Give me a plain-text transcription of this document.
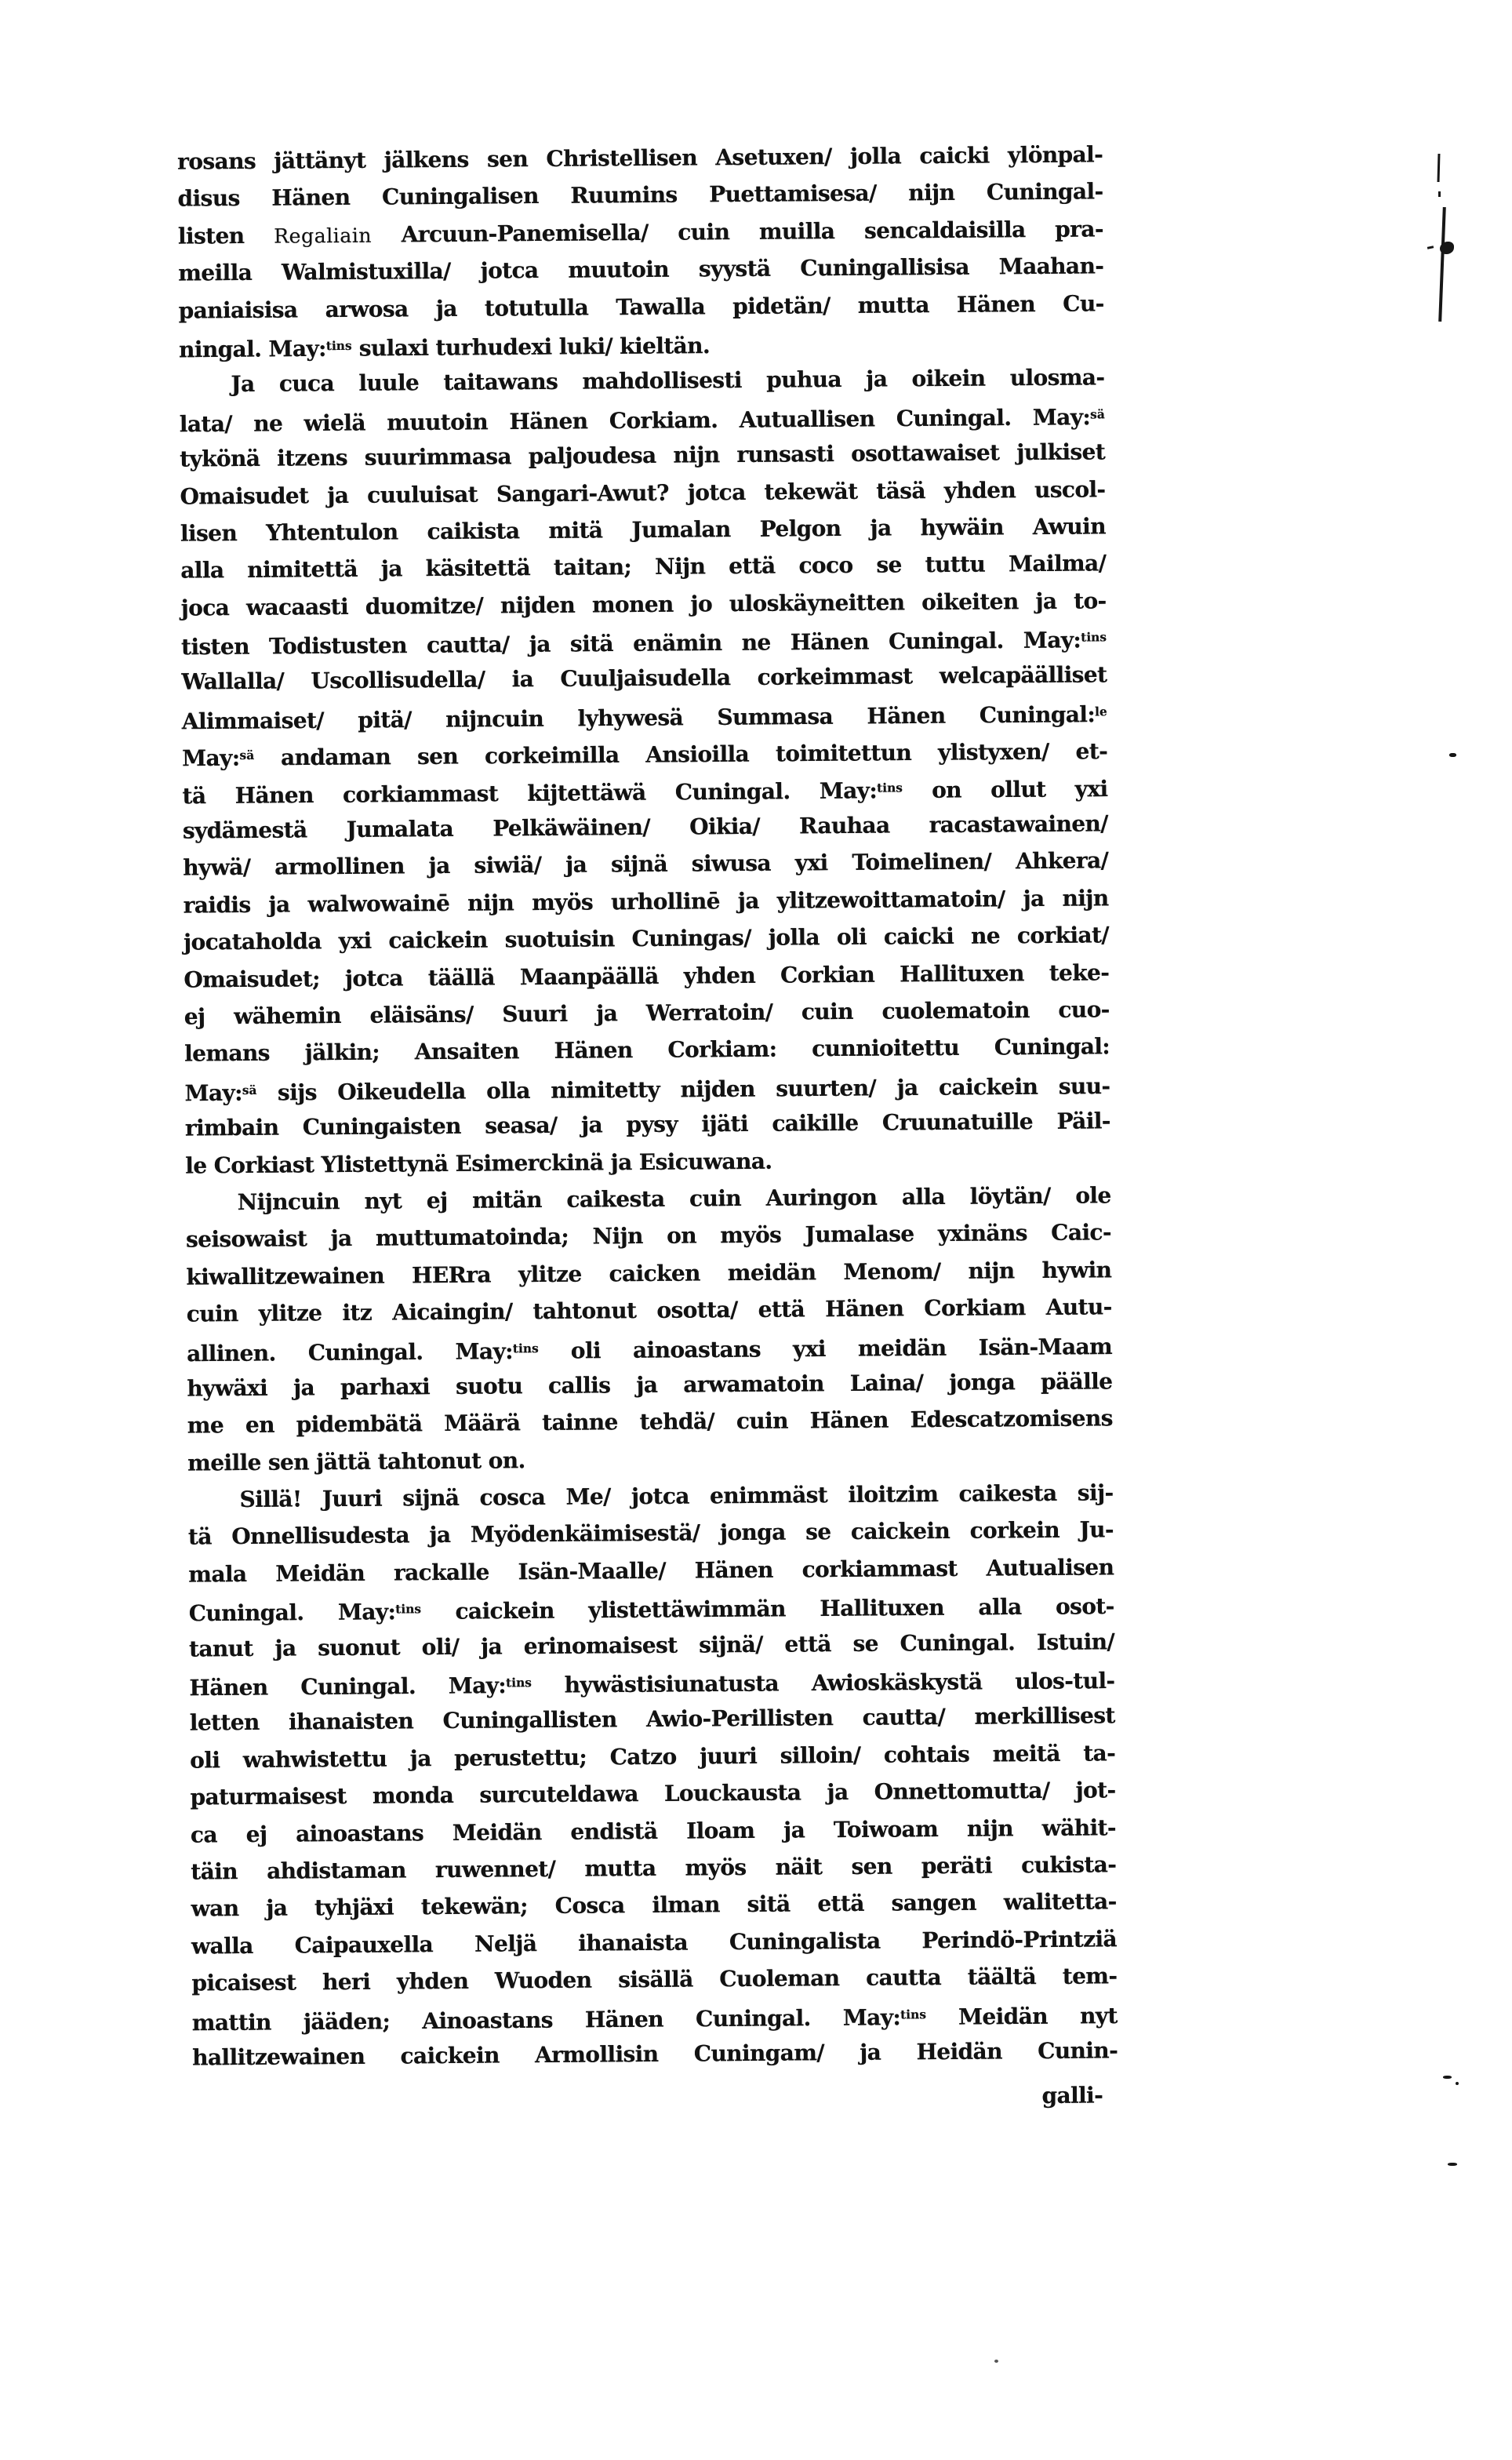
rosans jättänyt jälkens sen Christellisen Asetuxen/ jolla caicki ylönpal-
disus Hänen Cuningalisen Ruumins Puettamisesa/ nijn Cuningal-
listen Regaliain Arcuun-Panemisella/ cuin muilla sencaldaisilla pra-
meilla Walmistuxilla/ jotca muutoin syystä Cuningallisisa Maahan-
paniaisisa arwosa ja totutulla Tawalla pidetän/ mutta Hänen Cu-
ningal. May:$^{tins}$ sulaxi turhudexi luki/ kieltän.
Ja cuca luule taitawans mahdollisesti puhua ja oikein ulosma-
lata/ ne wielä muutoin Hänen Corkiam. Autuallisen Cuningal. May:$^{sä}$
tykönä itzens suurimmasa paljoudesa nijn runsasti osottawaiset julkiset
Omaisudet ja cuuluisat Sangari-Awut? jotca tekewät täsä yhden uscol-
lisen Yhtentulon caikista mitä Jumalan Pelgon ja hywäin Awuin
alla nimitettä ja käsitettä taitan; Nijn että coco se tuttu Mailma/
joca wacaasti duomitze/ nijden monen jo uloskäyneitten oikeiten ja to-
tisten Todistusten cautta/ ja sitä enämin ne Hänen Cuningal. May:$^{tins}$
Wallalla/ Uscollisudella/ ia Cuuljaisudella corkeimmast welcapäälliset
Alimmaiset/ pitä/ nijncuin lyhywesä Summasa Hänen Cuningal:$^{le}$
May:$^{sä}$ andaman sen corkeimilla Ansioilla toimitettun ylistyxen/ et-
tä Hänen corkiammast kijtettäwä Cuningal. May:$^{tins}$ on ollut yxi
sydämestä Jumalata Pelkäwäinen/ Oikia/ Rauhaa racastawainen/
hywä/ armollinen ja siwiä/ ja sijnä siwusa yxi Toimelinen/ Ahkera/
raidis ja walwowainē nijn myös urhollinē ja ylitzewoittamatoin/ ja nijn
jocataholda yxi caickein suotuisin Cuningas/ jolla oli caicki ne corkiat/
Omaisudet; jotca täällä Maanpäällä yhden Corkian Hallituxen teke-
ej wähemin eläisäns/ Suuri ja Werratoin/ cuin cuolematoin cuo-
lemans jälkin; Ansaiten Hänen Corkiam: cunnioitettu Cuningal:
May:$^{sä}$ sijs Oikeudella olla nimitetty nijden suurten/ ja caickein suu-
rimbain Cuningaisten seasa/ ja pysy ijäti caikille Cruunatuille Päil-
le Corkiast Ylistettynä Esimerckinä ja Esicuwana.
Nijncuin nyt ej mitän caikesta cuin Auringon alla löytän/ ole
seisowaist ja muttumatoinda; Nijn on myös Jumalase yxinäns Caic-
kiwallitzewainen HERra ylitze caicken meidän Menom/ nijn hywin
cuin ylitze itz Aicaingin/ tahtonut osotta/ että Hänen Corkiam Autu-
allinen. Cuningal. May:$^{tins}$ oli ainoastans yxi meidän Isän-Maam
hywäxi ja parhaxi suotu callis ja arwamatoin Laina/ jonga päälle
me en pidembätä Määrä tainne tehdä/ cuin Hänen Edescatzomisens
meille sen jättä tahtonut on.
Sillä! Juuri sijnä cosca Me/ jotca enimmäst iloitzim caikesta sij-
tä Onnellisudesta ja Myödenkäimisestä/ jonga se caickein corkein Ju-
mala Meidän rackalle Isän-Maalle/ Hänen corkiammast Autualisen
Cuningal. May:$^{tins}$ caickein ylistettäwimmän Hallituxen alla osot-
tanut ja suonut oli/ ja erinomaisest sijnä/ että se Cuningal. Istuin/
Hänen Cuningal. May:$^{tins}$ hywästisiunatusta Awioskäskystä ulos-tul-
letten ihanaisten Cuningallisten Awio-Perillisten cautta/ merkillisest
oli wahwistettu ja perustettu; Catzo juuri silloin/ cohtais meitä ta-
paturmaisest monda surcuteldawa Louckausta ja Onnettomutta/ jot-
ca ej ainoastans Meidän endistä Iloam ja Toiwoam nijn wähit-
täin ahdistaman ruwennet/ mutta myös näit sen peräti cukista-
wan ja tyhjäxi tekewän; Cosca ilman sitä että sangen walitetta-
walla Caipauxella Neljä ihanaista Cuningalista Perindö-Printziä
picaisest heri yhden Wuoden sisällä Cuoleman cautta täältä tem-
mattin jääden; Ainoastans Hänen Cuningal. May:$^{tins}$ Meidän nyt
hallitzewainen caickein Armollisin Cuningam/ ja Heidän Cunin-
galli-
